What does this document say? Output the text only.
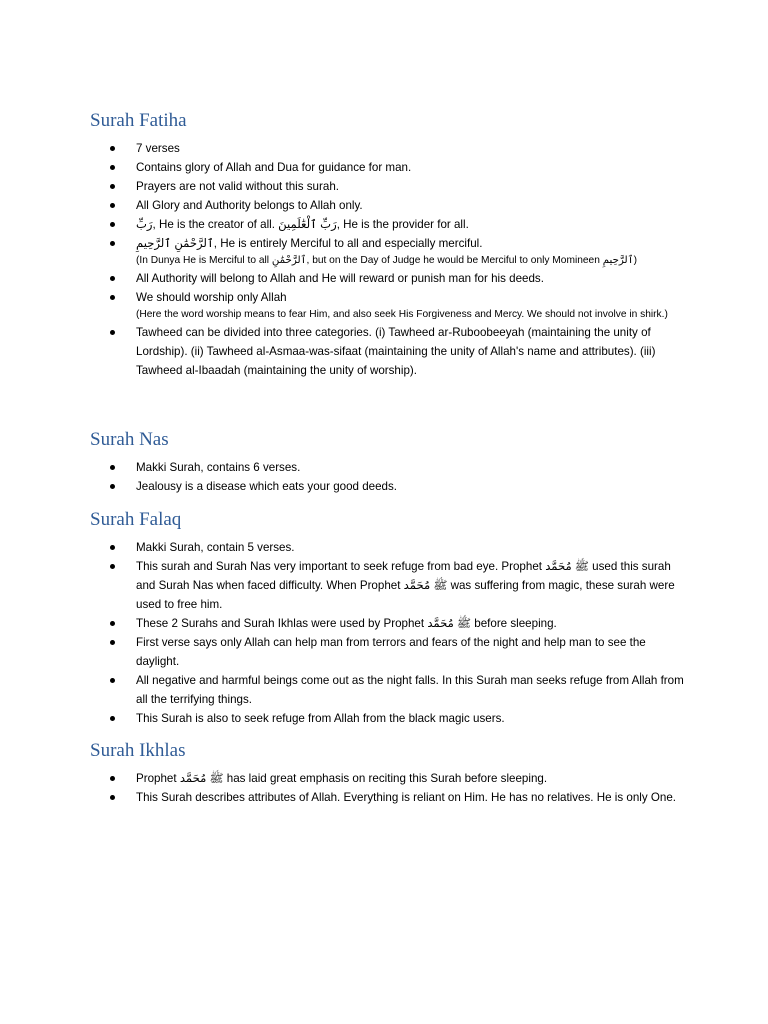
Surah Fatiha
7 verses
Contains glory of Allah and Dua for guidance for man.
Prayers are not valid without this surah.
All Glory and Authority belongs to Allah only.
رَبِّ, He is the creator of all. رَبِّ ٱلْعَٰلَمِينَ, He is the provider for all.
ٱلرَّحْمَٰنِ ٱلرَّحِيمِ, He is entirely Merciful to all and especially merciful.
(In Dunya He is Merciful to all ٱلرَّحْمَٰنِ, but on the Day of Judge he would be Merciful to only Momineen ٱلرَّحِيمِ)
All Authority will belong to Allah and He will reward or punish man for his deeds.
We should worship only Allah
(Here the word worship means to fear Him, and also seek His Forgiveness and Mercy. We should not involve in shirk.)
Tawheed can be divided into three categories. (i) Tawheed ar-Ruboobeeyah (maintaining the unity of Lordship). (ii) Tawheed al-Asmaa-was-sifaat (maintaining the unity of Allah's name and attributes). (iii) Tawheed al-Ibaadah (maintaining the unity of worship).
Surah Nas
Makki Surah, contains 6 verses.
Jealousy is a disease which eats your good deeds.
Surah Falaq
Makki Surah, contain 5 verses.
This surah and Surah Nas very important to seek refuge from bad eye. Prophet ﷺ مُحَمَّد used this surah and Surah Nas when faced difficulty. When Prophet ﷺ مُحَمَّد was suffering from magic, these surah were used to free him.
These 2 Surahs and Surah Ikhlas were used by Prophet ﷺ مُحَمَّد before sleeping.
First verse says only Allah can help man from terrors and fears of the night and help man to see the daylight.
All negative and harmful beings come out as the night falls. In this Surah man seeks refuge from Allah from all the terrifying things.
This Surah is also to seek refuge from Allah from the black magic users.
Surah Ikhlas
Prophet ﷺ مُحَمَّد has laid great emphasis on reciting this Surah before sleeping.
This Surah describes attributes of Allah. Everything is reliant on Him. He has no relatives. He is only One.
